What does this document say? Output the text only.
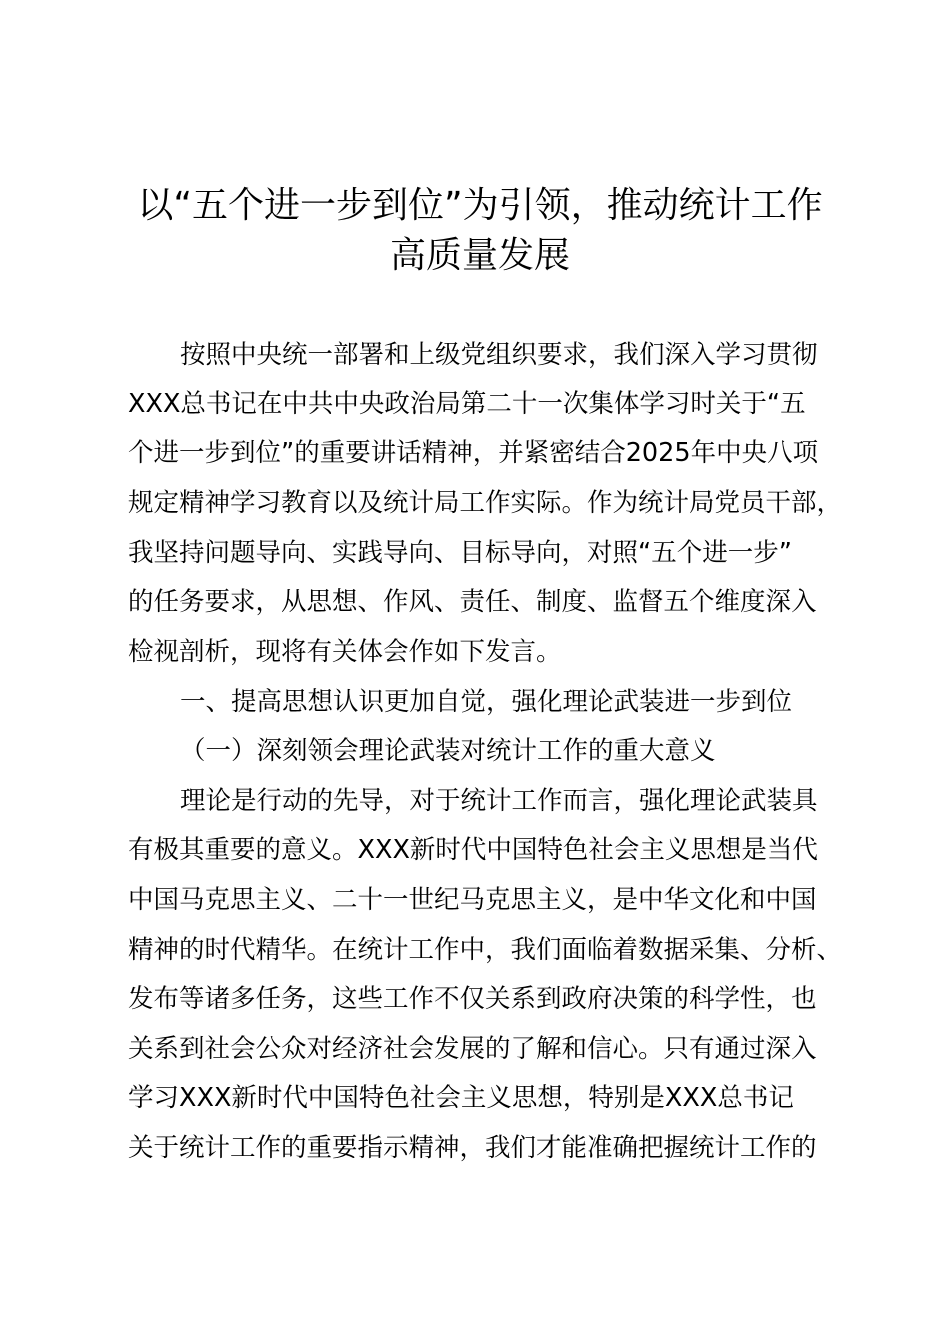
以“五个进一步到位”为引领，推动统计工作
高质量发展
按照中央统一部署和上级党组织要求，我们深入学习贯彻
XXX总书记在中共中央政治局第二十一次集体学习时关于“五
个进一步到位”的重要讲话精神，并紧密结合2025年中央八项
规定精神学习教育以及统计局工作实际。作为统计局党员干部，
我坚持问题导向、实践导向、目标导向，对照“五个进一步”
的任务要求，从思想、作风、责任、制度、监督五个维度深入
检视剖析，现将有关体会作如下发言。
一、提高思想认识更加自觉，强化理论武装进一步到位
（一）深刻领会理论武装对统计工作的重大意义
理论是行动的先导，对于统计工作而言，强化理论武装具
有极其重要的意义。XXX新时代中国特色社会主义思想是当代
中国马克思主义、二十一世纪马克思主义，是中华文化和中国
精神的时代精华。在统计工作中，我们面临着数据采集、分析、
发布等诸多任务，这些工作不仅关系到政府决策的科学性，也
关系到社会公众对经济社会发展的了解和信心。只有通过深入
学习XXX新时代中国特色社会主义思想，特别是XXX总书记
关于统计工作的重要指示精神，我们才能准确把握统计工作的
